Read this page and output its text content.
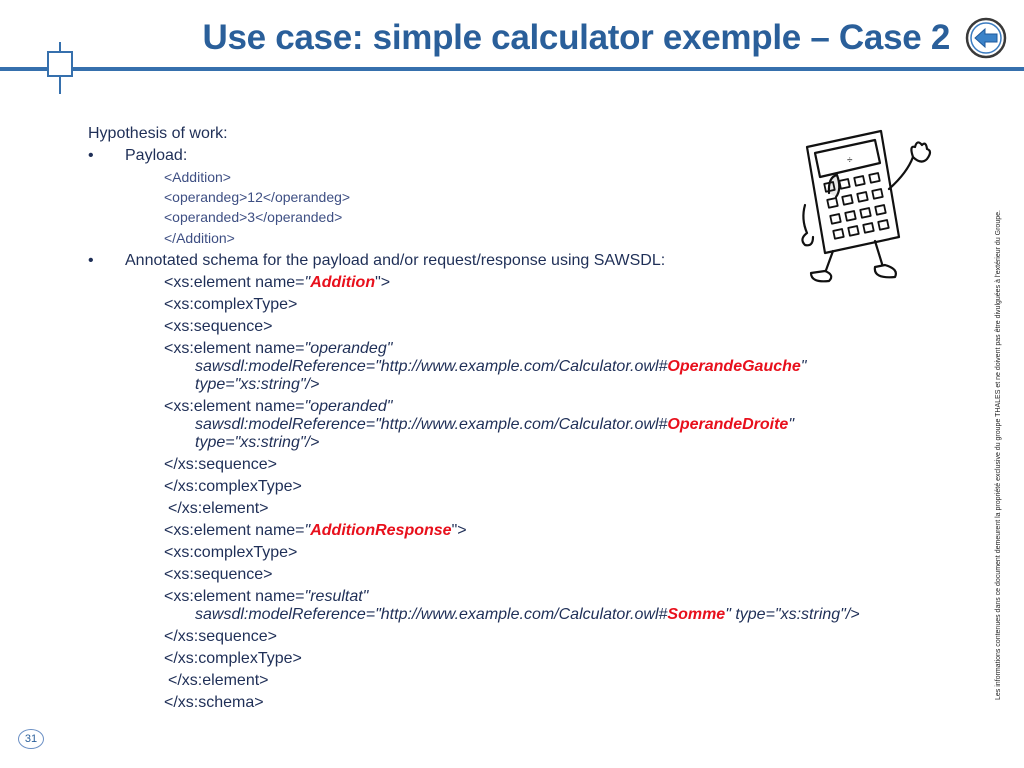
Use case: simple calculator exemple – Case 2
Les informations contenues dans ce document demeurent la propriété exclusive du groupe THALES et ne doivent pas être divulguées à l'extérieur du Groupe.
÷
Hypothesis of work:
• Payload:
<Addition>
<operandeg>12</operandeg>
<operanded>3</operanded>
</Addition>
• Annotated schema for the payload and/or request/response using SAWSDL:
<xs:element name="Addition">
<xs:complexType>
<xs:sequence>
<xs:element name="operandeg"
sawsdl:modelReference="http://www.example.com/Calculator.owl#OperandeGauche"
type="xs:string"/>
<xs:element name="operanded"
sawsdl:modelReference="http://www.example.com/Calculator.owl#OperandeDroite"
type="xs:string"/>
</xs:sequence>
</xs:complexType>
</xs:element>
<xs:element name="AdditionResponse">
<xs:complexType>
<xs:sequence>
<xs:element name="resultat"
sawsdl:modelReference="http://www.example.com/Calculator.owl#Somme" type="xs:string"/>
</xs:sequence>
</xs:complexType>
</xs:element>
</xs:schema>
31
